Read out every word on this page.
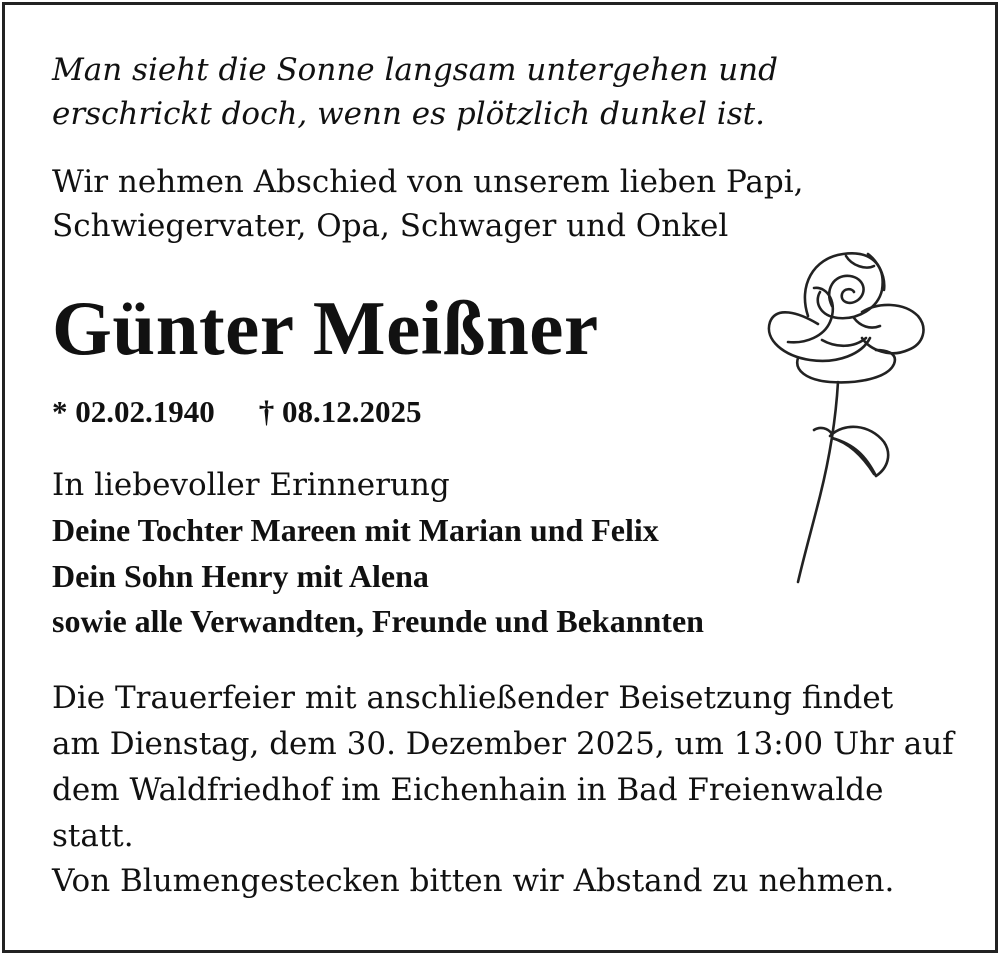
Man sieht die Sonne langsam untergehen und

erschrickt doch, wenn es plötzlich dunkel ist.

Wir nehmen Abschied von unserem lieben Papi,

Schwiegervater, Opa, Schwager und Onkel

Günter Meißner

* 02.02.1940 † 08.12.2025

In liebevoller Erinnerung

Deine Tochter Mareen mit Marian und Felix

Dein Sohn Henry mit Alena

sowie alle Verwandten, Freunde und Bekannten

Die Trauerfeier mit anschließender Beisetzung findet

am Dienstag, dem 30. Dezember 2025, um 13:00 Uhr auf

dem Waldfriedhof im Eichenhain in Bad Freienwalde

statt.

Von Blumengestecken bitten wir Abstand zu nehmen.
